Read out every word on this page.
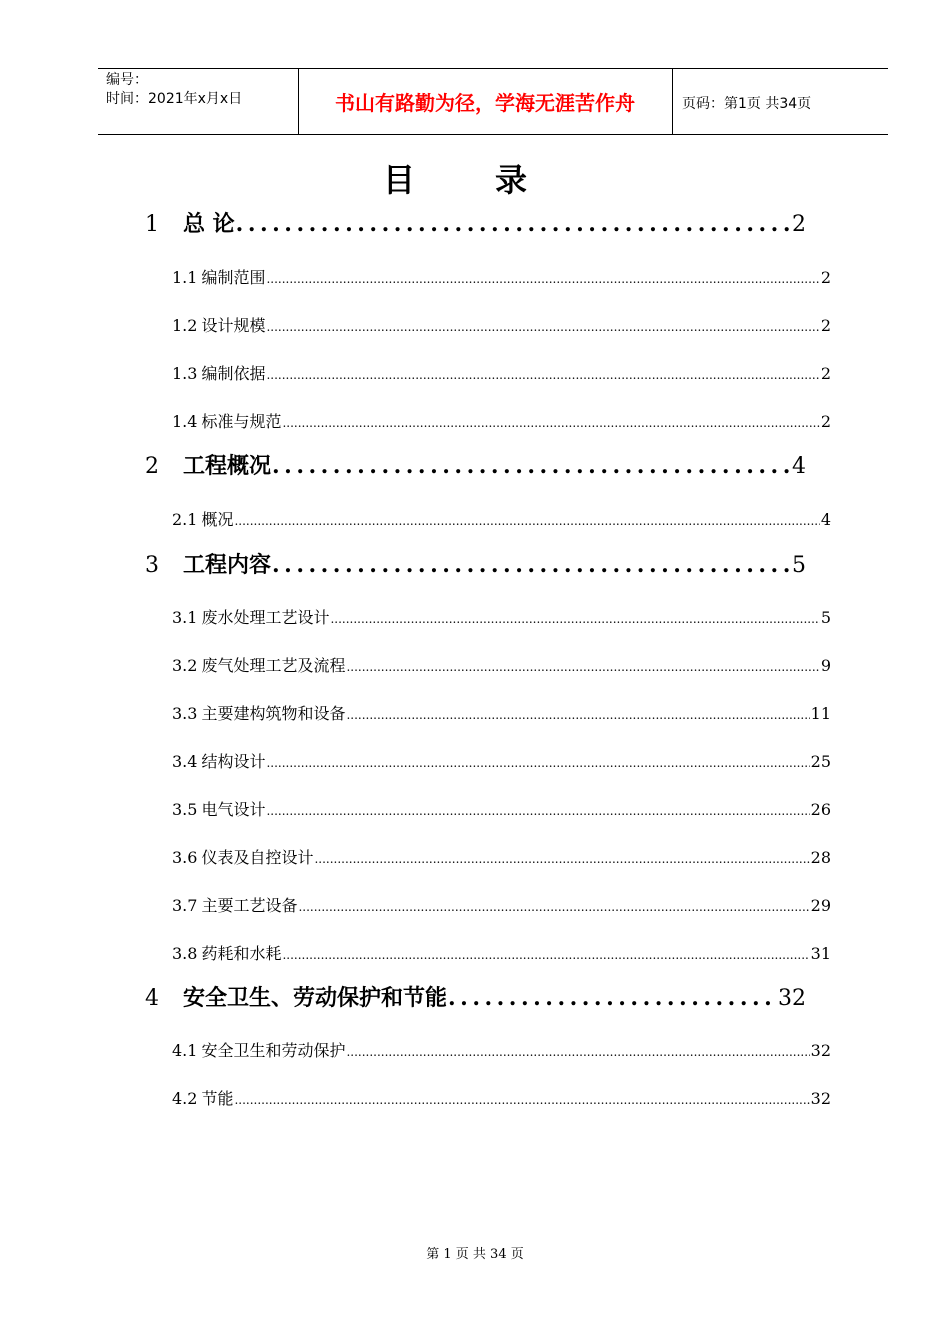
编号：
时间：2021年x月x日	书山有路勤为径，学海无涯苦作舟	页码：第1页 共34页
目录
1	总 论 .....	2
1.1 编制范围 .....	2
1.2 设计规模 .....	2
1.3 编制依据 .....	2
1.4 标准与规范 .....	2
2	工程概况 .....	4
2.1 概况 .....	4
3	工程内容 .....	5
3.1 废水处理工艺设计 .....	5
3.2 废气处理工艺及流程 .....	9
3.3 主要建构筑物和设备 .....	11
3.4 结构设计 .....	25
3.5 电气设计 .....	26
3.6 仪表及自控设计 .....	28
3.7 主要工艺设备 .....	29
3.8 药耗和水耗 .....	31
4	安全卫生、劳动保护和节能 .....	32
4.1 安全卫生和劳动保护 .....	32
4.2 节能 .....	32
第 1 页 共 34 页
